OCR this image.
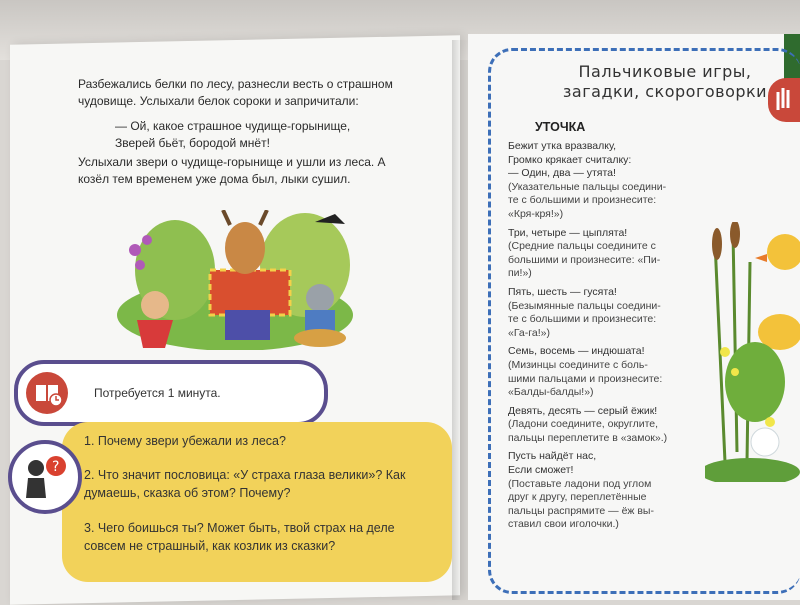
Разбежались белки по лесу, разнесли весть о страшном чудовище. Услыхали белок сороки и запричитали:
— Ой, какое страшное чудище-горынище,
Зверей бьёт, бородой мнёт!
Услыхали звери о чудище-горынище и ушли из леса. А козёл тем временем уже дома был, лыки сушил.
Потребуется 1 минута.
?
1. Почему звери убежали из леса?
2. Что значит пословица: «У страха глаза велики»? Как думаешь, сказка об этом? Почему?
3. Чего боишься ты? Может быть, твой страх на деле совсем не страшный, как козлик из сказки?
Пальчиковые игры,
загадки, скороговорки
УТОЧКА
Бежит утка вразвалку,
Громко крякает считалку:
— Один, два — утята!
(Указательные пальцы соедини-
те с большими и произнесите:
«Кря-кря!»)
Три, четыре — цыплята!
(Средние пальцы соедините с
большими и произнесите: «Пи-
пи!»)
Пять, шесть — гусята!
(Безымянные пальцы соедини-
те с большими и произнесите:
«Га-га!»)
Семь, восемь — индюшата!
(Мизинцы соедините с боль-
шими пальцами и произнесите:
«Балды-балды!»)
Девять, десять — серый ёжик!
(Ладони соедините, округлите,
пальцы переплетите в «замок».)
Пусть найдёт нас,
Если сможет!
(Поставьте ладони под углом
друг к другу, переплетённые
пальцы распрямите — ёж вы-
ставил свои иголочки.)
